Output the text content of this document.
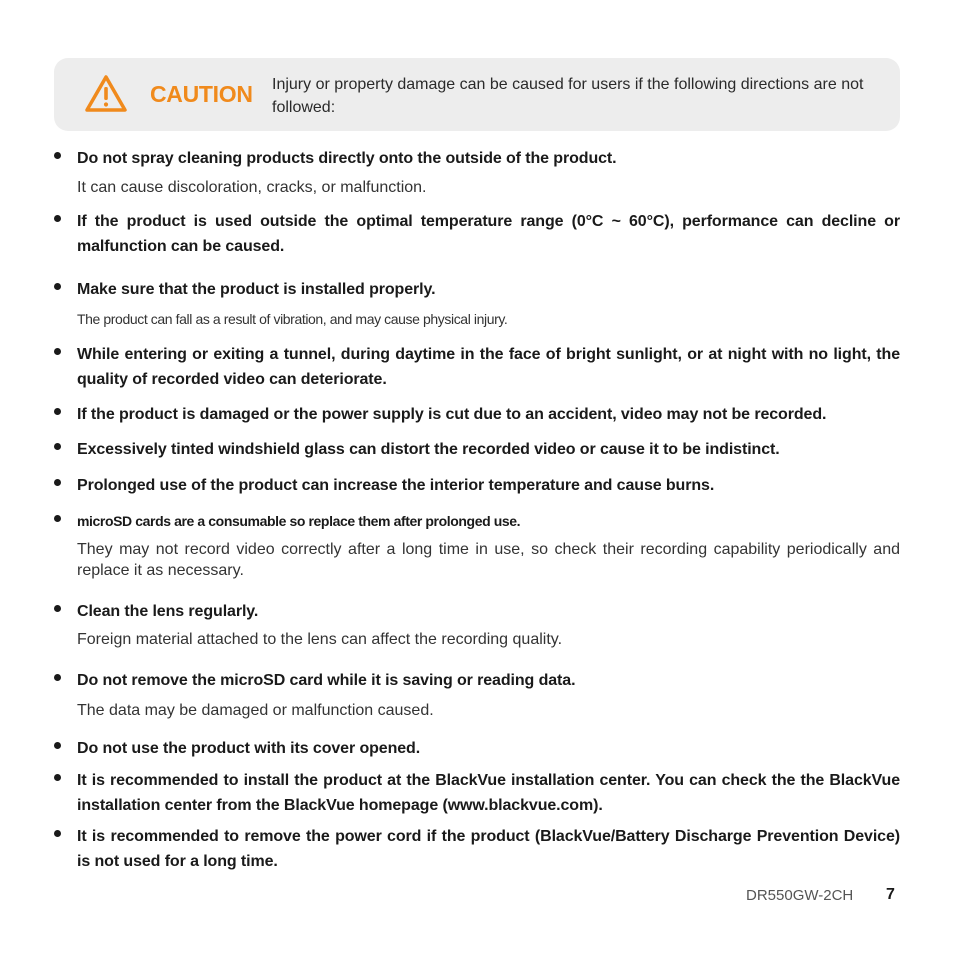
CAUTION Injury or property damage can be caused for users if the following directions are not followed:
Do not spray cleaning products directly onto the outside of the product.
It can cause discoloration, cracks, or malfunction.
If the product is used outside the optimal temperature range (0°C ~ 60°C), performance can decline or malfunction can be caused.
Make sure that the product is installed properly.
The product can fall as a result of vibration, and may cause physical injury.
While entering or exiting a tunnel, during daytime in the face of bright sunlight, or at night with no light, the quality of recorded video can deteriorate.
If the product is damaged or the power supply is cut due to an accident, video may not be recorded.
Excessively tinted windshield glass can distort the recorded video or cause it to be indistinct.
Prolonged use of the product can increase the interior temperature and cause burns.
microSD cards are a consumable so replace them after prolonged use.
They may not record video correctly after a long time in use, so check their recording capability periodically and replace it as necessary.
Clean the lens regularly.
Foreign material attached to the lens can affect the recording quality.
Do not remove the microSD card while it is saving or reading data.
The data may be damaged or malfunction caused.
Do not use the product with its cover opened.
It is recommended to install the product at the BlackVue installation center. You can check the the BlackVue installation center from the BlackVue homepage (www.blackvue.com).
It is recommended to remove the power cord if the product (BlackVue/Battery Discharge Prevention Device) is not used for a long time.
DR550GW-2CH 7
